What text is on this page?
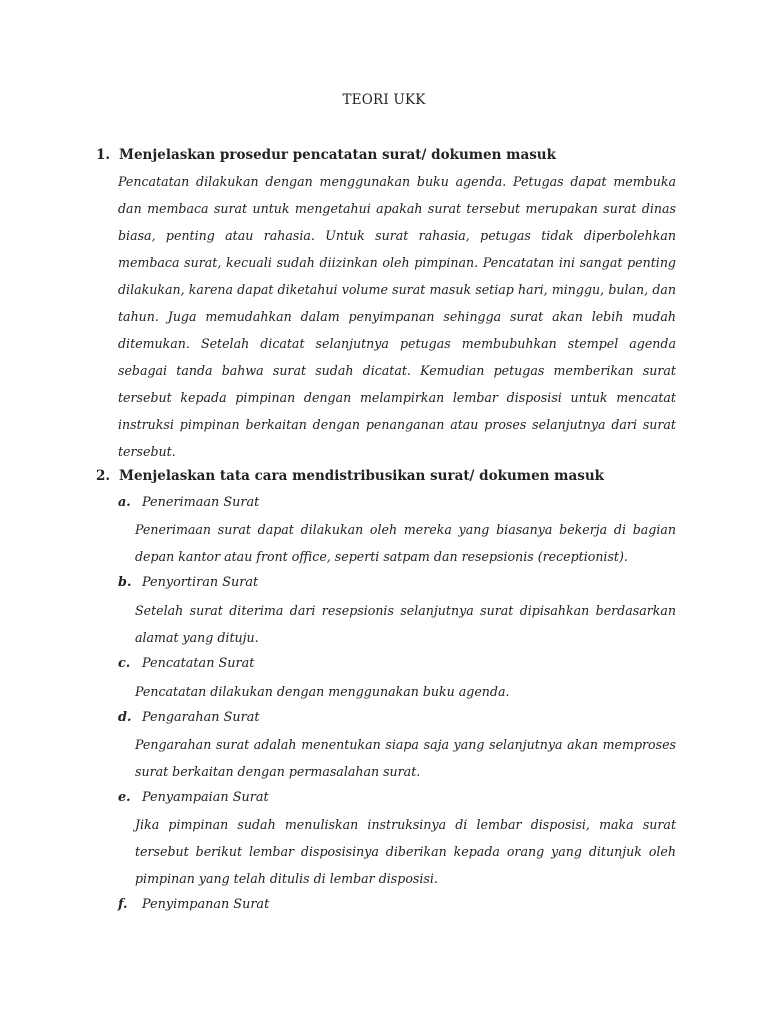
TEORI UKK
1. Menjelaskan prosedur pencatatan surat/ dokumen masuk
Pencatatan dilakukan dengan menggunakan buku agenda. Petugas dapat membuka dan membaca surat untuk mengetahui apakah surat tersebut merupakan surat dinas biasa, penting atau rahasia. Untuk surat rahasia, petugas tidak diperbolehkan membaca surat, kecuali sudah diizinkan oleh pimpinan. Pencatatan ini sangat penting dilakukan, karena dapat diketahui volume surat masuk setiap hari, minggu, bulan, dan tahun. Juga memudahkan dalam penyimpanan sehingga surat akan lebih mudah ditemukan. Setelah dicatat selanjutnya petugas membubuhkan stempel agenda sebagai tanda bahwa surat sudah dicatat. Kemudian petugas memberikan surat tersebut kepada pimpinan dengan melampirkan lembar disposisi untuk mencatat instruksi pimpinan berkaitan dengan penanganan atau proses selanjutnya dari surat tersebut.
2. Menjelaskan tata cara mendistribusikan surat/ dokumen masuk
a. Penerimaan Surat
Penerimaan surat dapat dilakukan oleh mereka yang biasanya bekerja di bagian depan kantor atau front office, seperti satpam dan resepsionis (receptionist).
b. Penyortiran Surat
Setelah surat diterima dari resepsionis selanjutnya surat dipisahkan berdasarkan alamat yang dituju.
c. Pencatatan Surat
Pencatatan dilakukan dengan menggunakan buku agenda.
d. Pengarahan Surat
Pengarahan surat adalah menentukan siapa saja yang selanjutnya akan memproses surat berkaitan dengan permasalahan surat.
e. Penyampaian Surat
Jika pimpinan sudah menuliskan instruksinya di lembar disposisi, maka surat tersebut berikut lembar disposisinya diberikan kepada orang yang ditunjuk oleh pimpinan yang telah ditulis di lembar disposisi.
f. Penyimpanan Surat
